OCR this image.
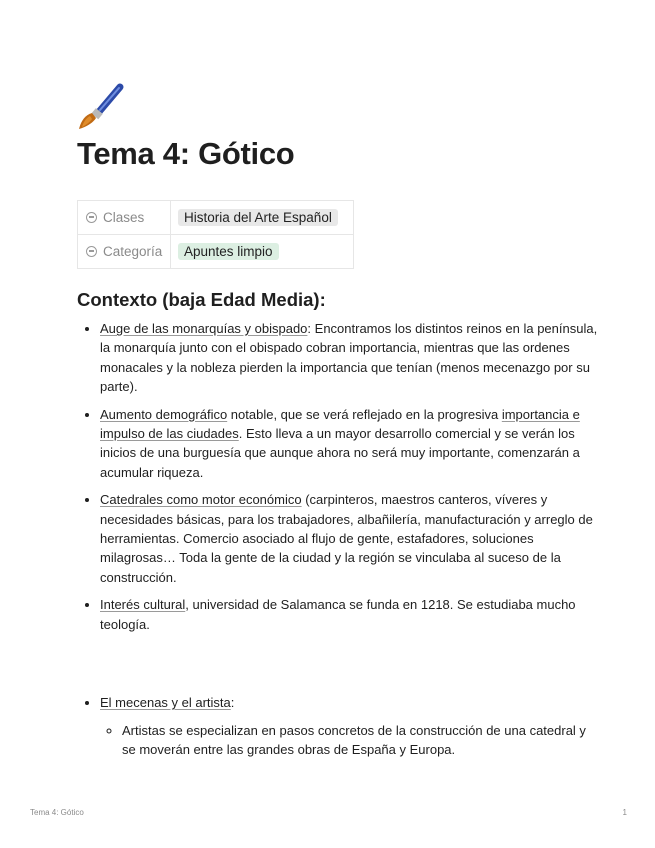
Tema 4: Gótico
Clases	Historia del Arte Español
Categoría	Apuntes limpio
Contexto (baja Edad Media):
• Auge de las monarquías y obispado: Encontramos los distintos reinos en la península, la monarquía junto con el obispado cobran importancia, mientras que las ordenes monacales y la nobleza pierden la importancia que tenían (menos mecenazgo por su parte).
• Aumento demográfico notable, que se verá reflejado en la progresiva importancia e impulso de las ciudades. Esto lleva a un mayor desarrollo comercial y se verán los inicios de una burguesía que aunque ahora no será muy importante, comenzarán a acumular riqueza.
• Catedrales como motor económico (carpinteros, maestros canteros, víveres y necesidades básicas, para los trabajadores, albañilería, manufacturación y arreglo de herramientas. Comercio asociado al flujo de gente, estafadores, soluciones milagrosas… Toda la gente de la ciudad y la región se vinculaba al suceso de la construcción.
• Interés cultural, universidad de Salamanca se funda en 1218. Se estudiaba mucho teología.
• El mecenas y el artista:
◦ Artistas se especializan en pasos concretos de la construcción de una catedral y se moverán entre las grandes obras de España y Europa.
Tema 4: Gótico	1
